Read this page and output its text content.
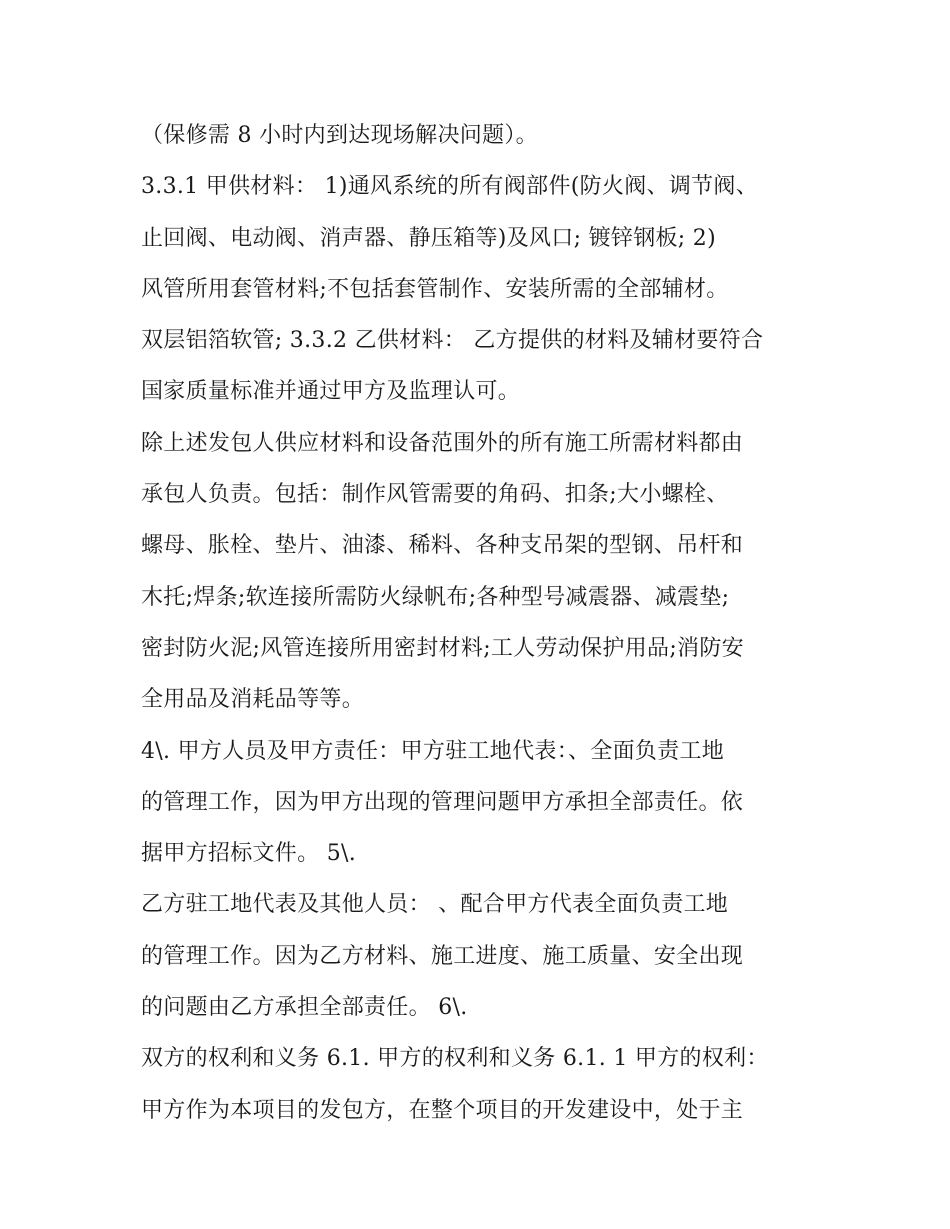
（保修需 8 小时内到达现场解决问题）。
3.3.1 甲供材料： 1)通风系统的所有阀部件(防火阀、调节阀、
止回阀、电动阀、消声器、静压箱等)及风口; 镀锌钢板; 2)
风管所用套管材料;不包括套管制作、安装所需的全部辅材。
双层铝箔软管; 3.3.2 乙供材料： 乙方提供的材料及辅材要符合
国家质量标准并通过甲方及监理认可。
除上述发包人供应材料和设备范围外的所有施工所需材料都由
承包人负责。包括：制作风管需要的角码、扣条;大小螺栓、
螺母、胀栓、垫片、油漆、稀料、各种支吊架的型钢、吊杆和
木托;焊条;软连接所需防火绿帆布;各种型号减震器、减震垫;
密封防火泥;风管连接所用密封材料;工人劳动保护用品;消防安
全用品及消耗品等等。
4\. 甲方人员及甲方责任：甲方驻工地代表：、全面负责工地
的管理工作，因为甲方出现的管理问题甲方承担全部责任。依
据甲方招标文件。 5\.
乙方驻工地代表及其他人员： 、配合甲方代表全面负责工地
的管理工作。因为乙方材料、施工进度、施工质量、安全出现
的问题由乙方承担全部责任。 6\.
双方的权利和义务 6.1. 甲方的权利和义务 6.1. 1 甲方的权利：
甲方作为本项目的发包方，在整个项目的开发建设中，处于主
